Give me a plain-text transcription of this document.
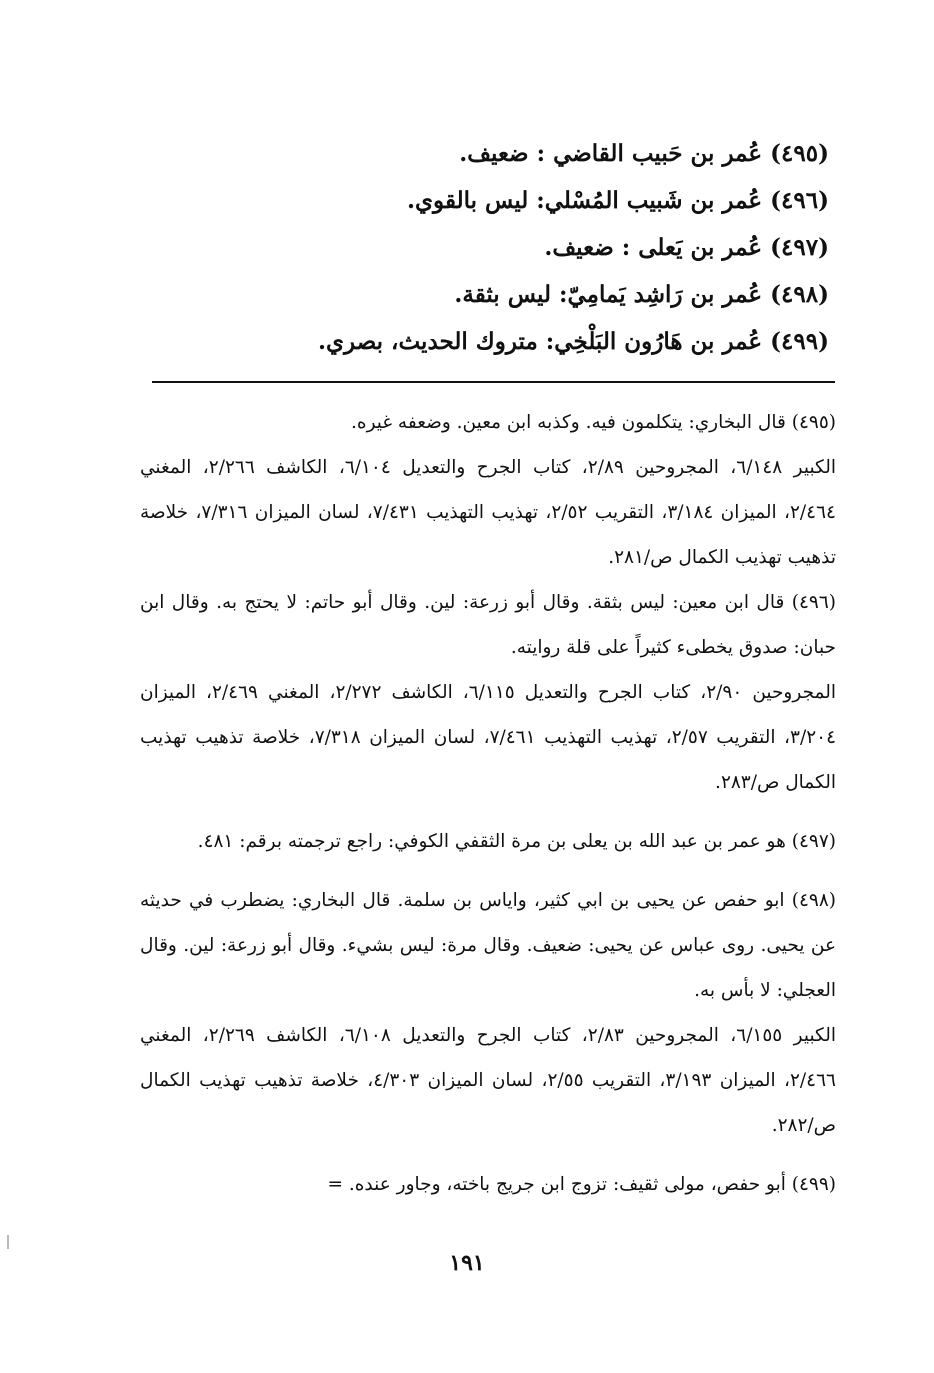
(٤٩٥) عُمر بن حَبيب القاضي : ضعيف.
(٤٩٦) عُمر بن شَبيب المُسْلي: ليس بالقوي.
(٤٩٧) عُمر بن يَعلى : ضعيف.
(٤٩٨) عُمر بن رَاشِد يَمامِيّ: ليس بثقة.
(٤٩٩) عُمر بن هَارُون البَلْخِي: متروك الحديث، بصري.

(٤٩٥) قال البخاري: يتكلمون فيه. وكذبه ابن معين. وضعفه غيره.

الكبير ٦/١٤٨، المجروحين ٢/٨٩، كتاب الجرح والتعديل ٦/١٠٤، الكاشف ٢/٢٦٦، المغني ٢/٤٦٤، الميزان ٣/١٨٤، التقريب ٢/٥٢، تهذيب التهذيب ٧/٤٣١، لسان الميزان ٧/٣١٦، خلاصة تذهيب تهذيب الكمال ص/٢٨١.

(٤٩٦) قال ابن معين: ليس بثقة. وقال أبو زرعة: لين. وقال أبو حاتم: لا يحتج به. وقال ابن حبان: صدوق يخطىء كثيراً على قلة روايته.

المجروحين ٢/٩٠، كتاب الجرح والتعديل ٦/١١٥، الكاشف ٢/٢٧٢، المغني ٢/٤٦٩، الميزان ٣/٢٠٤، التقريب ٢/٥٧، تهذيب التهذيب ٧/٤٦١، لسان الميزان ٧/٣١٨، خلاصة تذهيب تهذيب الكمال ص/٢٨٣.

(٤٩٧) هو عمر بن عبد الله بن يعلى بن مرة الثقفي الكوفي: راجع ترجمته برقم: ٤٨١.

(٤٩٨) ابو حفص عن يحيى بن ابي كثير، واياس بن سلمة. قال البخاري: يضطرب في حديثه عن يحيى. روى عباس عن يحيى: ضعيف. وقال مرة: ليس بشيء. وقال أبو زرعة: لين. وقال العجلي: لا بأس به.

الكبير ٦/١٥٥، المجروحين ٢/٨٣، كتاب الجرح والتعديل ٦/١٠٨، الكاشف ٢/٢٦٩، المغني ٢/٤٦٦، الميزان ٣/١٩٣، التقريب ٢/٥٥، لسان الميزان ٤/٣٠٣، خلاصة تذهيب تهذيب الكمال ص/٢٨٢.

(٤٩٩) أبو حفص، مولى ثقيف: تزوج ابن جريج باخته، وجاور عنده. =

١٩١
